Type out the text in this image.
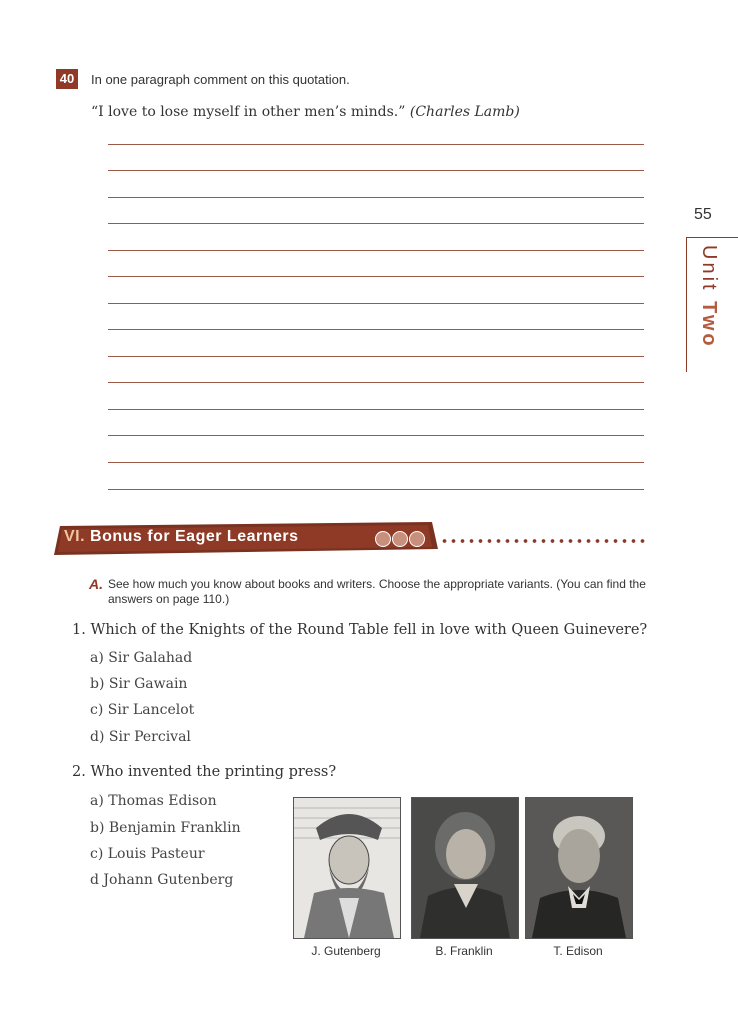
40 In one paragraph comment on this quotation.
“I love to lose myself in other men’s minds.” (Charles Lamb)
55
Unit Two
VI. Bonus for Eager Learners
A. See how much you know about books and writers. Choose the appropriate variants. (You can find the answers on page 110.)
1. Which of the Knights of the Round Table fell in love with Queen Guinevere?
a) Sir Galahad
b) Sir Gawain
c) Sir Lancelot
d) Sir Percival
2. Who invented the printing press?
a) Thomas Edison
b) Benjamin Franklin
c) Louis Pasteur
d Johann Gutenberg
J. Gutenberg	B. Franklin	T. Edison
